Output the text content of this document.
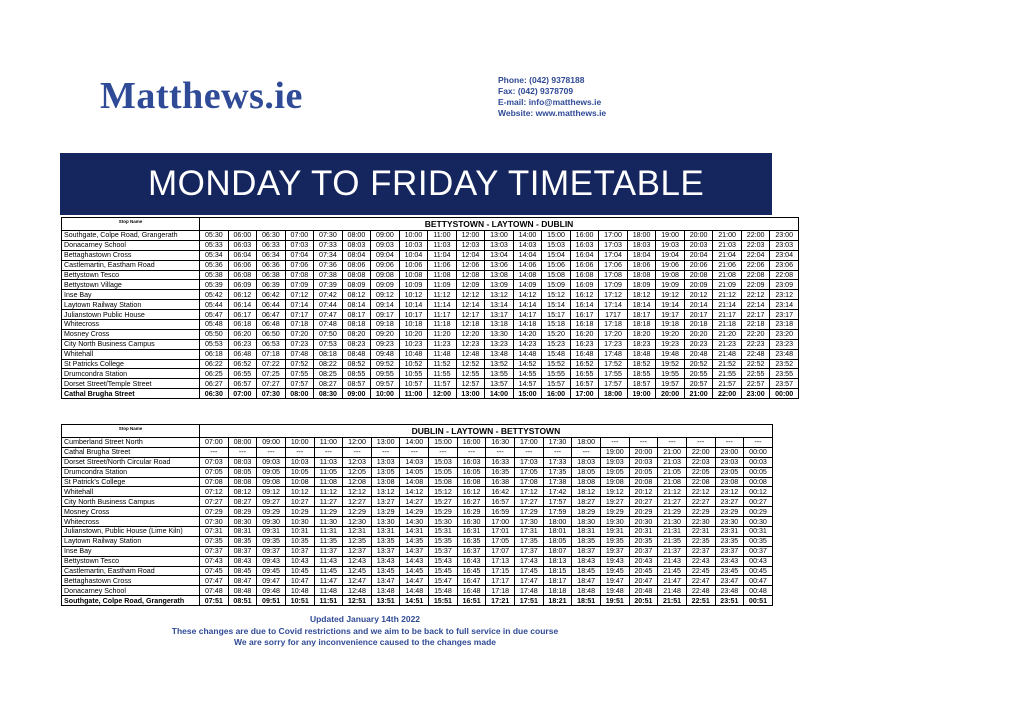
Matthews.ie	Phone: (042) 9378188
Fax: (042) 9378709
E-mail: info@matthews.ie
Website: www.matthews.ie
MONDAY TO FRIDAY TIMETABLE
Stop Name	BETTYSTOWN - LAYTOWN - DUBLIN																				
Southgate, Colpe Road, Grangerath	05:30	06:00	06:30	07:00	07:30	08:00	09:00	10:00	11:00	12:00	13:00	14:00	15:00	16:00	17:00	18:00	19:00	20:00	21:00	22:00	23:00
Donacarney School	05:33	06:03	06:33	07:03	07:33	08:03	09:03	10:03	11:03	12:03	13:03	14:03	15:03	16:03	17:03	18:03	19:03	20:03	21:03	22:03	23:03
Bettaghastown Cross	05:34	06:04	06:34	07:04	07:34	08:04	09:04	10:04	11:04	12:04	13:04	14:04	15:04	16:04	17:04	18:04	19:04	20:04	21:04	22:04	23:04
Castlemartin, Eastham Road	05:36	06:06	06:36	07:06	07:36	08:06	09:06	10:06	11:06	12:06	13:06	14:06	15:06	16:06	17:06	18:06	19:06	20:06	21:06	22:06	23:06
Bettystown Tesco	05:38	06:08	06:38	07:08	07:38	08:08	09:08	10:08	11:08	12:08	13:08	14:08	15:08	16:08	17:08	18:08	19:08	20:08	21:08	22:08	22:08
Bettystown Village	05:39	06:09	06:39	07:09	07:39	08:09	09:09	10:09	11:09	12:09	13:09	14:09	15:09	16:09	17:09	18:09	19:09	20:09	21:09	22:09	23:09
Inse Bay	05:42	06:12	06:42	07:12	07:42	08:12	09:12	10:12	11:12	12:12	13:12	14:12	15:12	16:12	17:12	18:12	19:12	20:12	21:12	22:12	23:12
Laytown Railway Station	05:44	06:14	06:44	07:14	07:44	08:14	09:14	10:14	11:14	12:14	13:14	14:14	15:14	16:14	17:14	18:14	19:14	20:14	21:14	22:14	23:14
Julianstown Public House	05:47	06:17	06:47	07:17	07:47	08:17	09:17	10:17	11:17	12:17	13:17	14:17	15:17	16:17	1717	18:17	19:17	20:17	21:17	22:17	23:17
Whitecross	05:48	06:18	06:48	07:18	07:48	08:18	09:18	10:18	11:18	12:18	13:18	14:18	15:18	16:18	17:18	18:18	19:18	20:18	21:18	22:18	23:18
Mosney Cross	05:50	06:20	06:50	07:20	07:50	08:20	09:20	10:20	11:20	12:20	13:30	14:20	15:20	16:20	17:20	18:20	19:20	20:20	21:20	22:20	23:20
City North Business Campus	05:53	06:23	06:53	07:23	07:53	08:23	09:23	10:23	11:23	12:23	13:23	14:23	15:23	16:23	17:23	18:23	19:23	20:23	21:23	22:23	23:23
Whitehall	06:18	06:48	07:18	07:48	08:18	08:48	09:48	10:48	11:48	12:48	13:48	14:48	15:48	16:48	17:48	18:48	19:48	20:48	21:48	22:48	23:48
St Patricks College	06:22	06:52	07:22	07:52	08:22	08:52	09:52	10:52	11:52	12:52	13:52	14:52	15:52	16:52	17:52	18:52	19:52	20:52	21:52	22:52	23:52
Drumcondra Station	06:25	06:55	07:25	07:55	08:25	08:55	09:55	10:55	11:55	12:55	13:55	14:55	15:55	16:55	17:55	18:55	19:55	20:55	21:55	22:55	23:55
Dorset Street/Temple Street	06:27	06:57	07:27	07:57	08:27	08:57	09:57	10:57	11:57	12:57	13:57	14:57	15:57	16:57	17:57	18:57	19:57	20:57	21:57	22:57	23:57
Cathal Brugha Street	06:30	07:00	07:30	08:00	08:30	09:00	10:00	11:00	12:00	13:00	14:00	15:00	16:00	17:00	18:00	19:00	20:00	21:00	22:00	23:00	00:00
Stop Name	DUBLIN - LAYTOWN - BETTYSTOWN																			
Cumberland Street North	07:00	08:00	09:00	10:00	11:00	12:00	13:00	14:00	15:00	16:00	16:30	17:00	17:30	18:00	---	---	---	---	---	---
Cathal Brugha Street	---	---	---	---	---	---	---	---	---	---	---	---	---	---	19:00	20:00	21:00	22:00	23:00	00:00
Dorset Street/North Circular Road	07:03	08:03	09:03	10:03	11:03	12:03	13:03	14:03	15:03	16:03	16:33	17:03	17:33	18:03	19:03	20:03	21:03	22:03	23:03	00:03
Drumcondra Station	07:05	08:05	09:05	10:05	11:05	12:05	13:05	14:05	15:05	16:05	16:35	17:05	17:35	18:05	19:05	20:05	21:05	22:05	23:05	00:05
St Patrick's College	07:08	08:08	09:08	10:08	11:08	12:08	13:08	14:08	15:08	16:08	16:38	17:08	17:38	18:08	19:08	20:08	21:08	22:08	23:08	00:08
Whitehall	07:12	08:12	09:12	10:12	11:12	12:12	13:12	14:12	15:12	16:12	16:42	17:12	17:42	18:12	19:12	20:12	21:12	22:12	23:12	00:12
City North Business Campus	07:27	08:27	09:27	10:27	11:27	12:27	13:27	14:27	15:27	16:27	16:57	17:27	17:57	18:27	19:27	20:27	21:27	22:27	23:27	00:27
Mosney Cross	07:29	08:29	09:29	10:29	11:29	12:29	13:29	14:29	15:29	16:29	16:59	17:29	17:59	18:29	19:29	20:29	21:29	22:29	23:29	00:29
Whitecross	07:30	08:30	09:30	10:30	11:30	12:30	13:30	14:30	15:30	16:30	17:00	17:30	18:00	18:30	19:30	20:30	21:30	22:30	23:30	00:30
Julianstown, Public House (Lime Kiln)	07:31	08:31	09:31	10:31	11:31	12:31	13:31	14:31	15:31	16:31	17:01	17:31	18:01	18:31	19:31	20:31	21:31	22:31	23:31	00:31
Laytown Railway Station	07:35	08:35	09:35	10:35	11:35	12:35	13:35	14:35	15:35	16:35	17:05	17:35	18:05	18:35	19:35	20:35	21:35	22:35	23:35	00:35
Inse Bay	07:37	08:37	09:37	10:37	11:37	12:37	13:37	14:37	15:37	16:37	17:07	17:37	18:07	18:37	19:37	20:37	21:37	22:37	23:37	00:37
Bettystown Tesco	07:43	08:43	09:43	10:43	11:43	12:43	13:43	14:43	15:43	16:43	17:13	17:43	18:13	18:43	19:43	20:43	21:43	22:43	23:43	00:43
Castlemartin, Eastham Road	07:45	08:45	09:45	10:45	11:45	12:45	13:45	14:45	15:45	16:45	17:15	17:45	18:15	18:45	19:45	20:45	21:45	22:45	23:45	00:45
Bettaghastown Cross	07:47	08:47	09:47	10:47	11:47	12:47	13:47	14:47	15:47	16:47	17:17	17:47	18:17	18:47	19:47	20:47	21:47	22:47	23:47	00:47
Donacarney School	07:48	08:48	09:48	10:48	11:48	12:48	13:48	14:48	15:48	16:48	17:18	17:48	18:18	18:48	19:48	20:48	21:48	22:48	23:48	00:48
Southgate, Colpe Road, Grangerath	07:51	08:51	09:51	10:51	11:51	12:51	13:51	14:51	15:51	16:51	17:21	17:51	18:21	18:51	19:51	20:51	21:51	22:51	23:51	00:51
Updated January 14th 2022
These changes are due to Covid restrictions and we aim to be back to full service in due course
We are sorry for any inconvenience caused to the changes made
